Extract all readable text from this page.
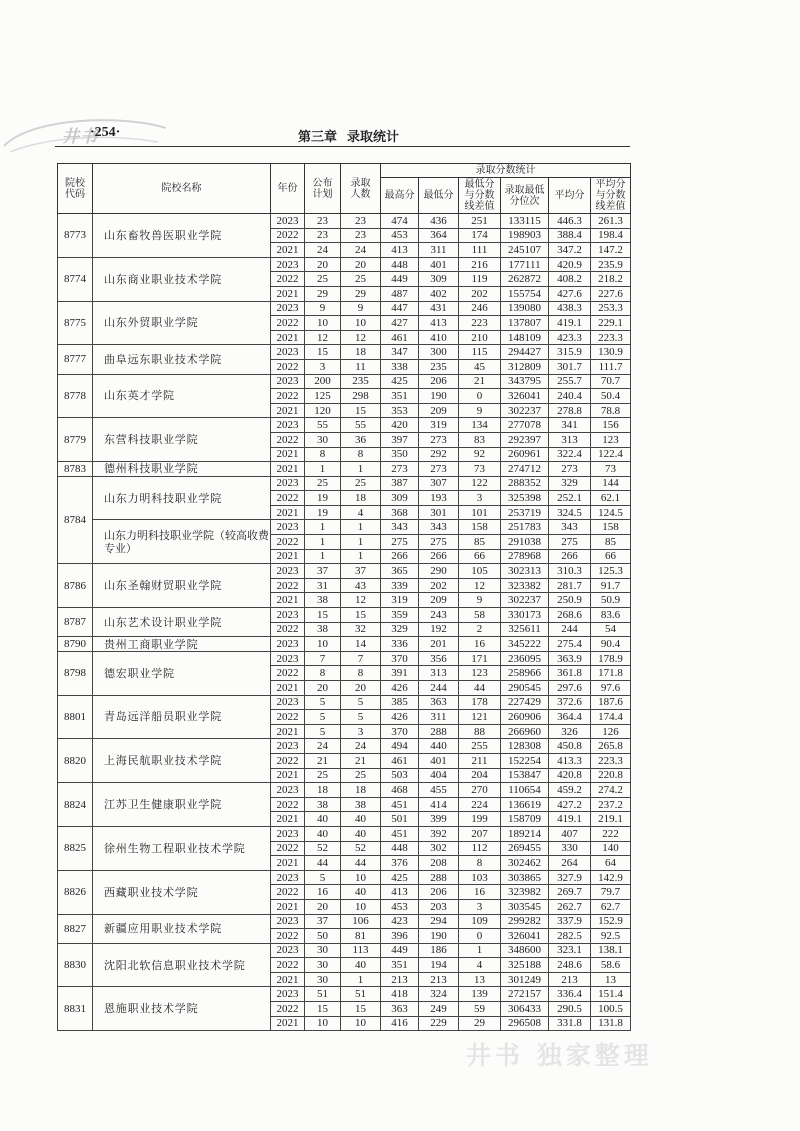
井书
·254·	第三章 录取统计
院校代码	院校名称	年份	公布计划	录取人数	录取分数统计					
					最高分	最低分	最低分与分数线差值	录取最低分位次	平均分	平均分与分数线差值

8773	山东畜牧兽医职业学院	2023	23	23	474	436	251	133115	446.3	261.3
		2022	23	23	453	364	174	198903	388.4	198.4
		2021	24	24	413	311	111	245107	347.2	147.2
8774	山东商业职业技术学院	2023	20	20	448	401	216	177111	420.9	235.9
		2022	25	25	449	309	119	262872	408.2	218.2
		2021	29	29	487	402	202	155754	427.6	227.6
8775	山东外贸职业学院	2023	9	9	447	431	246	139080	438.3	253.3
		2022	10	10	427	413	223	137807	419.1	229.1
		2021	12	12	461	410	210	148109	423.3	223.3
8777	曲阜远东职业技术学院	2023	15	18	347	300	115	294427	315.9	130.9
		2022	3	11	338	235	45	312809	301.7	111.7
8778	山东英才学院	2023	200	235	425	206	21	343795	255.7	70.7
		2022	125	298	351	190	0	326041	240.4	50.4
		2021	120	15	353	209	9	302237	278.8	78.8
8779	东营科技职业学院	2023	55	55	420	319	134	277078	341	156
		2022	30	36	397	273	83	292397	313	123
		2021	8	8	350	292	92	260961	322.4	122.4
8783	德州科技职业学院	2021	1	1	273	273	73	274712	273	73
8784	山东力明科技职业学院	2023	25	25	387	307	122	288352	329	144
		2022	19	18	309	193	3	325398	252.1	62.1
		2021	19	4	368	301	101	253719	324.5	124.5
	山东力明科技职业学院（较高收费专业）	2023	1	1	343	343	158	251783	343	158
		2022	1	1	275	275	85	291038	275	85
		2021	1	1	266	266	66	278968	266	66
8786	山东圣翰财贸职业学院	2023	37	37	365	290	105	302313	310.3	125.3
		2022	31	43	339	202	12	323382	281.7	91.7
		2021	38	12	319	209	9	302237	250.9	50.9
8787	山东艺术设计职业学院	2023	15	15	359	243	58	330173	268.6	83.6
		2022	38	32	329	192	2	325611	244	54
8790	贵州工商职业学院	2023	10	14	336	201	16	345222	275.4	90.4
8798	德宏职业学院	2023	7	7	370	356	171	236095	363.9	178.9
		2022	8	8	391	313	123	258966	361.8	171.8
		2021	20	20	426	244	44	290545	297.6	97.6
8801	青岛远洋船员职业学院	2023	5	5	385	363	178	227429	372.6	187.6
		2022	5	5	426	311	121	260906	364.4	174.4
		2021	5	3	370	288	88	266960	326	126
8820	上海民航职业技术学院	2023	24	24	494	440	255	128308	450.8	265.8
		2022	21	21	461	401	211	152254	413.3	223.3
		2021	25	25	503	404	204	153847	420.8	220.8
8824	江苏卫生健康职业学院	2023	18	18	468	455	270	110654	459.2	274.2
		2022	38	38	451	414	224	136619	427.2	237.2
		2021	40	40	501	399	199	158709	419.1	219.1
8825	徐州生物工程职业技术学院	2023	40	40	451	392	207	189214	407	222
		2022	52	52	448	302	112	269455	330	140
		2021	44	44	376	208	8	302462	264	64
8826	西藏职业技术学院	2023	5	10	425	288	103	303865	327.9	142.9
		2022	16	40	413	206	16	323982	269.7	79.7
		2021	20	10	453	203	3	303545	262.7	62.7
8827	新疆应用职业技术学院	2023	37	106	423	294	109	299282	337.9	152.9
		2022	50	81	396	190	0	326041	282.5	92.5
8830	沈阳北软信息职业技术学院	2023	30	113	449	186	1	348600	323.1	138.1
		2022	30	40	351	194	4	325188	248.6	58.6
		2021	30	1	213	213	13	301249	213	13
8831	恩施职业技术学院	2023	51	51	418	324	139	272157	336.4	151.4
		2022	15	15	363	249	59	306433	290.5	100.5
		2021	10	10	416	229	29	296508	331.8	131.8
井书 独家整理
